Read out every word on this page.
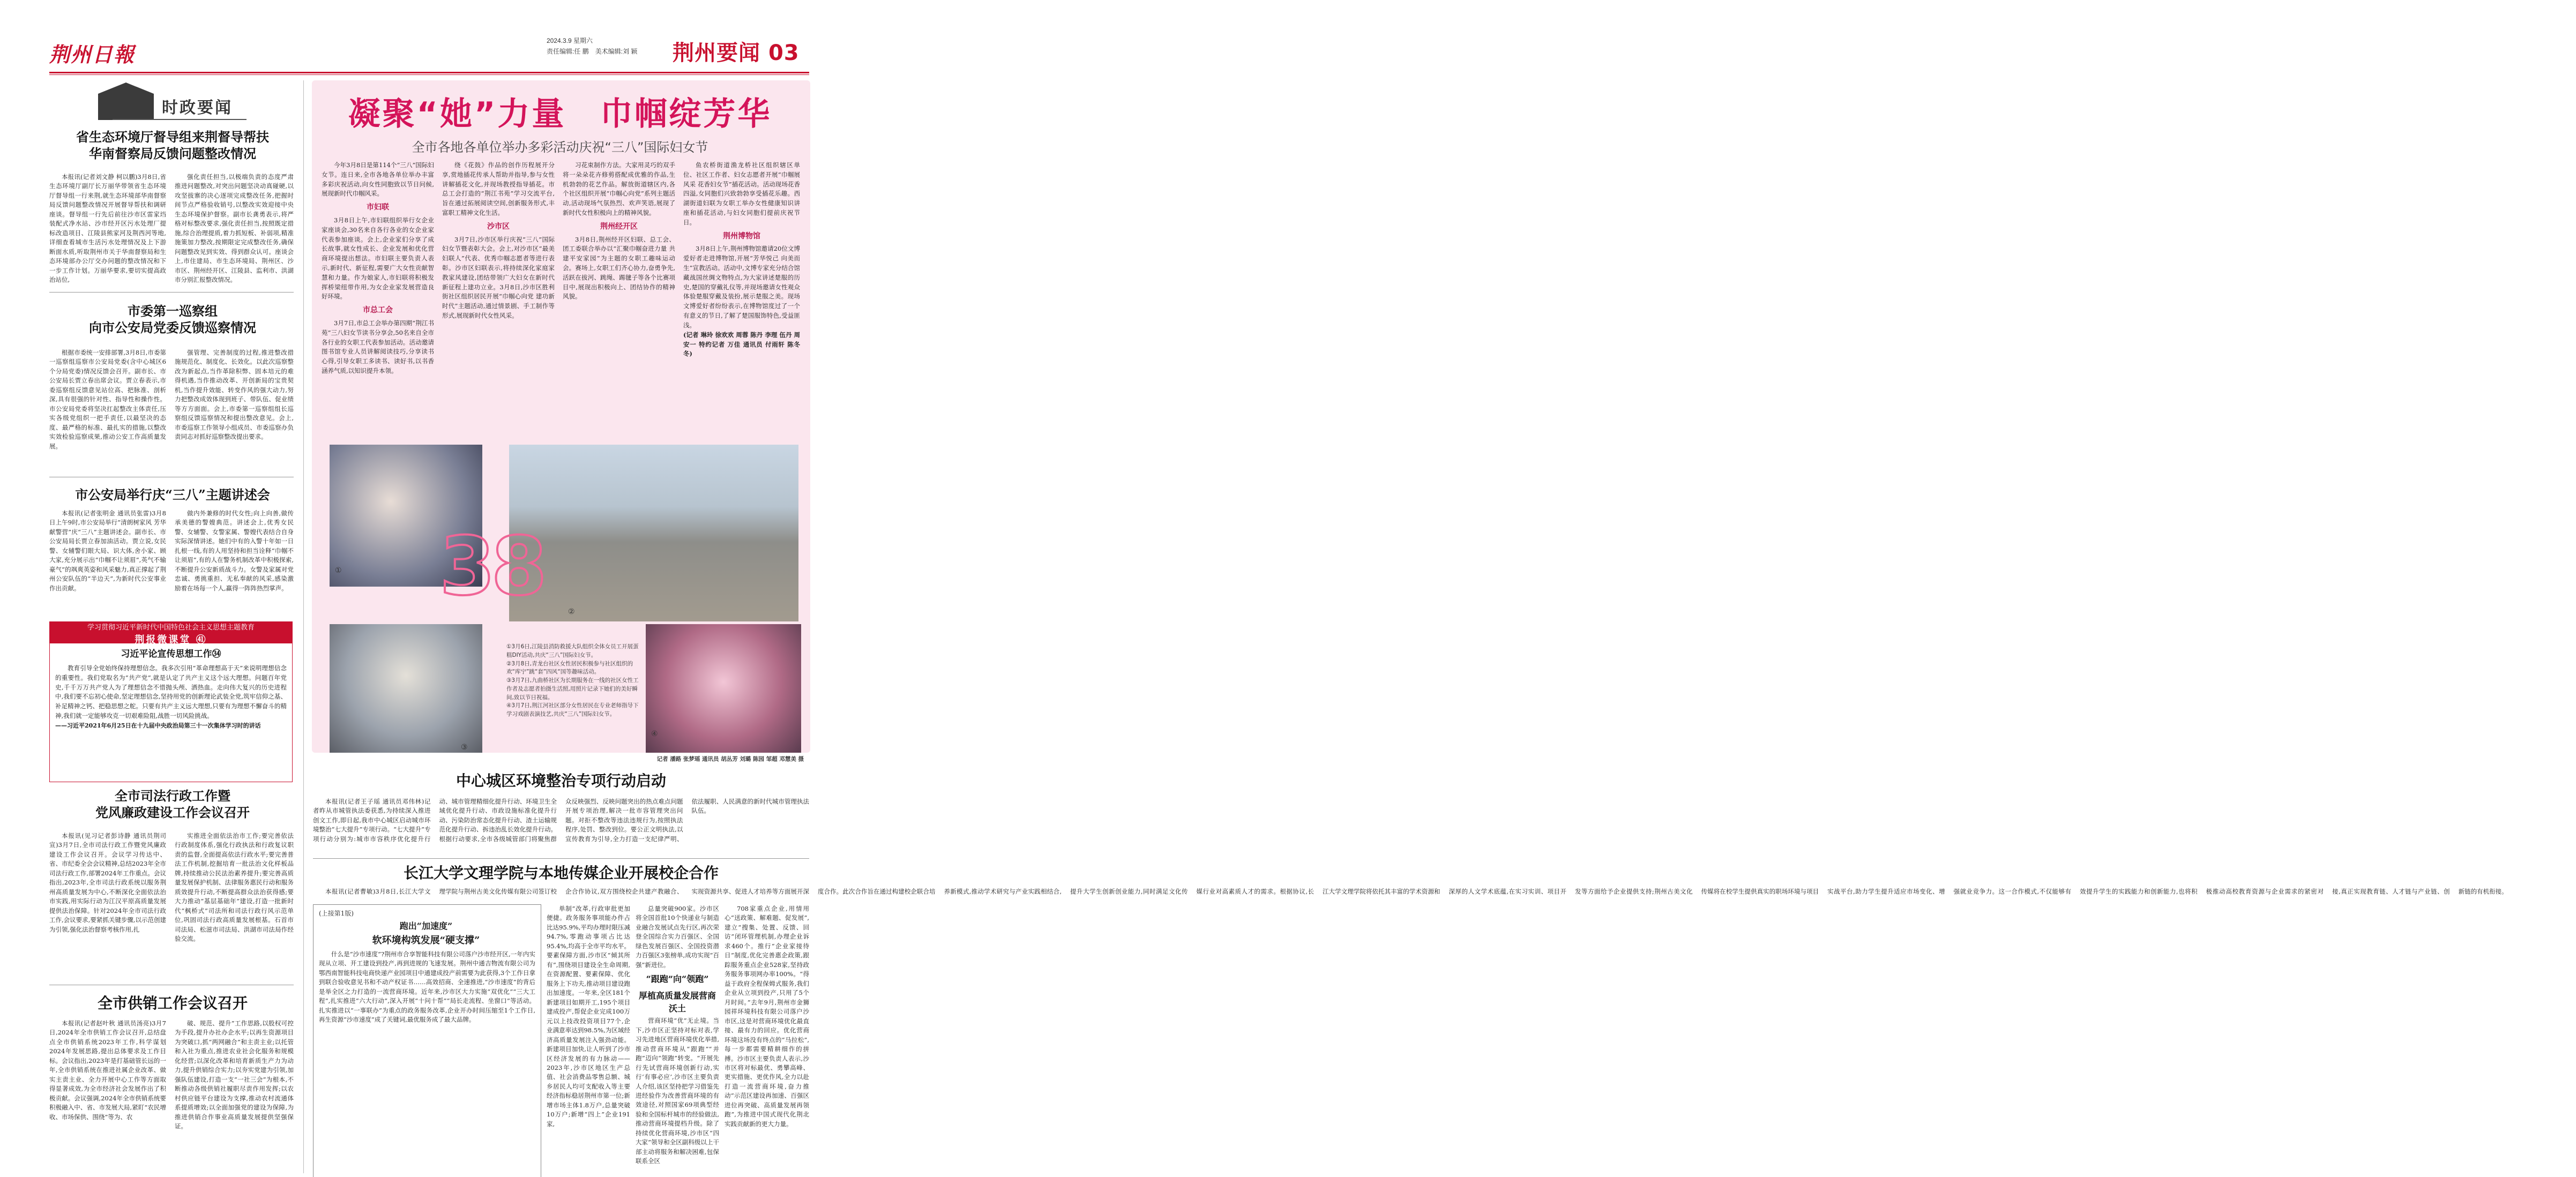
荆州日報
2024.3.9 星期六
责任编辑:任 鹏　美术编辑:刘 颖 荆州要闻 03
时政要闻
省生态环境厅督导组来荆督导帮扶
华南督察局反馈问题整改情况

本报讯(记者刘文静 柯以鹏)3月8日,省生态环境厅副厅长万丽华带领省生态环境厅督导组一行来荆,就生态环境部华南督察局反馈问题整改情况开展督导帮扶和调研座谈。督导组一行先后前往沙市区雷家垱装配式净水站、沙市经开区污水处理厂提标改造项目、江陵县熊家河及荆西河等地,详细查看城市生活污水处理情况及上下游断面水质,听取荆州市关于华南督察局和生态环境部办公厅交办问题的整改情况和下一步工作计划。万丽华要求,要切实提高政治站位,

强化责任担当,以极端负责的态度严肃推进问题整改,对突出问题坚决动真碰硬,以攻坚拔寨的决心逐项完成整改任务,把握时间节点严格验收销号,以整改实效迎接中央生态环境保护督察。副市长龚勇表示,将严格对标整改要求,强化责任担当,按照既定措施,综合治理提质,着力抓短板、补弱项,精准施策加力整改,按期限定完成整改任务,确保问题整改见到实效、得到群众认可。座谈会上,市住建局、市生态环境局、荆州区、沙市区、荆州经开区、江陵县、监利市、洪湖市分别汇报整改情况。

市委第一巡察组
向市公安局党委反馈巡察情况

根据市委统一安排部署,3月8日,市委第一巡察组巡察市公安局党委(含中心城区6个分局党委)情况反馈会召开。副市长、市公安局长贾立春出席会议。贾立春表示,市委巡察组反馈意见站位高、把脉准、剖析深,具有很强的针对性、指导性和操作性。市公安局党委将坚决扛起整改主体责任,压实各级党组织一把手责任,以最坚决的态度、最严格的标准、最扎实的措施,以整改实效检验巡察成果,推动公安工作高质量发展。

强管理、完善制度的过程,推进整改措施规范化、制度化、长效化。以此次巡察整改为新起点,当作革除积弊、固本培元的难得机遇,当作推动改革、开创新局的宝贵契机,当作提升效能、转变作风的强大动力,努力把整改成效体现到班子、带队伍、促业绩等方方面面。会上,市委第一巡察组组长巡察组反馈巡察情况和提出整改意见。会上,市委巡察工作领导小组成员、市委巡察办负责同志对抓好巡察整改提出要求。

市公安局举行庆“三八”主题讲述会

本报讯(记者张明金 通讯员张雷)3月8日上午9时,市公安局举行“清朗树家风 芳华献警营”庆“三八”主题讲述会。副市长、市公安局局长贾立春加油活动。贾立说,女民警、女辅警们眼大局、识大体,舍小家、顾大家,充分展示出“巾帼不让须眉”,英气不输豪气”的飒爽英姿和风采魅力,真正撑起了荆州公安队伍的“半边天”,为新时代公安事业作出贡献。

做内外兼修的时代女性;向上向善,做传承美德的警嫂典范。讲述会上,优秀女民警、女辅警、女警家属、警嫂代表结合自身实际深情讲述。她们中有的入警十年如一日扎根一线,有的人用坚持和担当诠释“巾帼不让须眉”,有的人在警务机制改革中积极探索,不断提升公安新质战斗力。女警及家属对党忠诚、勇挑重担、无私奉献的风采,感染激励着在场每一个人,赢得一阵阵热烈掌声。

学习贯彻习近平新时代中国特色社会主义思想主题教育
荆报微课堂 ㊶
习近平论宣传思想工作㉞

教育引导全党始终保持理想信念。我多次引用“革命理想高于天”来说明理想信念的重要性。我们党取名为“共产党”,就是认定了共产主义这个远大理想。问题百年党史,千千万万共产党人为了理想信念不惜抛头颅、洒热血。走向伟大复兴的历史进程中,我们要不忘初心使命,坚定理想信念,坚持用党的创新理论武装全党,筑牢信仰之基、补足精神之钙、把稳思想之舵。只要有共产主义远大理想,只要有为理想不懈奋斗的精神,我们就一定能够攻克一切艰难险阻,战胜一切风险挑战。

——习近平2021年6月25日在十九届中央政治局第三十一次集体学习时的讲话

凝聚“她”力量　巾帼绽芳华
全市各地各单位举办多彩活动庆祝“三八”国际妇女节

今年3月8日是第114个“三八”国际妇女节。连日来,全市各地各单位举办丰富多彩庆祝活动,向女性同胞致以节日问候,展现新时代巾帼风采。

市妇联

3月8日上午,市妇联组织举行女企业家座谈会,30名来自各行各业的女企业家代表参加座谈。会上,企业家们分享了成长故事,就女性成长、企业发展和优化营商环境提出想法。市妇联主要负责人表示,新时代、新征程,需要广大女性贡献智慧和力量。作为娘家人,市妇联将积极发挥桥梁纽带作用,为女企业家发展营造良好环境。

市总工会

3月7日,市总工会举办第四期“荆江书苑”三八妇女节读书分享会,50名来自全市各行业的女职工代表参加活动。活动邀请图书馆专业人员讲解阅读技巧,分享读书心得,引导女职工多读书、读好书,以书香涵养气质,以知识提升本领。

绕《花鼓》作品的创作历程展开分享,赏地插花传承人帮助并指导,参与女性讲解插花文化,并现场教授指导插花。市总工会打造的“荆江书苑”学习交流平台,旨在通过拓展阅读空间,创新服务形式,丰富职工精神文化生活。

沙市区

3月7日,沙市区举行庆祝“三八”国际妇女节暨表彰大会。会上,对沙市区“最美妇联人”代表、优秀巾帼志愿者等进行表彰。沙市区妇联表示,将持续深化家庭家教家风建设,团结带领广大妇女在新时代新征程上建功立业。3月8日,沙市区胜利街社区组织居民开展“巾帼心向党 建功新时代”主题活动,通过情景剧、手工制作等形式,展现新时代女性风采。

习花束制作方法。大家用灵巧的双手将一朵朵花卉修剪搭配成优雅的作品,生机勃勃的花艺作品。解放街道辖区内,各个社区组织开展“巾帼心向党”系列主题活动,活动现场气氛热烈、欢声笑语,展现了新时代女性积极向上的精神风貌。

荆州经开区

3月8日,荆州经开区妇联、总工会、团工委联合举办以“汇聚巾帼奋进力量 共建平安家园”为主题的女职工趣味运动会。赛场上,女职工们齐心协力,奋勇争先,活跃在拔河、跳绳、踢毽子等各个比赛项目中,展现出积极向上、团结协作的精神风貌。

鱼农桥街道渔龙桥社区组织辖区单位、社区工作者、妇女志愿者开展“巾帼展风采 花香妇女节”插花活动。活动现场花香四溢,女同胞们兴致勃勃享受插花乐趣。西湖街道妇联为女职工举办女性健康知识讲座和插花活动,与妇女同胞们提前庆祝节日。

荆州博物馆

3月8日上午,荆州博物馆邀请20位文博爱好者走进博物馆,开展“芳华悦己 向美而生”宣教活动。活动中,文博专家充分结合馆藏战国丝绸文物特点,为大家讲述楚服的历史,楚国的穿戴礼仪等,并现场邀请女性观众体验楚服穿戴及装扮,展示楚服之美。现场文博爱好者纷纷表示,在博物馆度过了一个有意义的节日,了解了楚国服饰特色,受益匪浅。

(记者 琳玲 徐欢欢 周蓉 陈丹 李理 伍丹 周安一 特约记者 万佳 通讯员 付雨轩 陈冬冬)

①
②
38
③
④

①3月6日,江陵县消防救援大队组织全体女员工开展蛋糕DIY活动,共庆“三八”国际妇女节。

②3月8日,青龙台社区女性居民积极参与社区组织的欢“库宁”跳“套”四风“国等趣味活动。

③3月7日,九曲桥社区为长期服务在一线的社区女性工作者及志愿者拍摄生活照,用照片记录下她们的美好瞬间,致以节日祝福。

④3月7日,荆江河社区部分女性居民在专业老师指导下学习戏剧表演技艺,共庆“三八”国际妇女节。

记者 潘路 张梦瑶 通讯员 胡丛芳 刘璐 陈园 邹超 邓慧美 摄
中心城区环境整治专项行动启动

本报讯(记者王子瑶 通讯员邓伟林)记者昨从市城管执法委获悉,为持续深入推进创文工作,即日起,我市中心城区启动城市环境整治“七大提升”专项行动。“七大提升”专项行动分别为:城市市容秩序优化提升行动、城市管理精细化提升行动、环境卫生全域优化提升行动、市政设施标准化提升行动、污染防治常态化提升行动、渣土运输规范化提升行动、拆违治乱长效化提升行动。根据行动要求,全市各级城管部门将聚焦群众反映强烈、反映问题突出的热点难点问题开展专项治理,解决一批市容管理突出问题。对拒不整改等违法违规行为,按照执法程序,处罚、整改到位。要公正文明执法,以宣传教育为引导,全力打造一支纪律严明、依法履职、人民满意的新时代城市管理执法队伍。

长江大学文理学院与本地传媒企业开展校企合作
全市司法行政工作暨
党风廉政建设工作会议召开

本报讯(见习记者彭诗静 通讯员荆司宣)3月7日,全市司法行政工作暨党风廉政建设工作会议召开。会议学习传达中、省、市纪委全会会议精神,总结2023年全市司法行政工作,部署2024年工作重点。会议指出,2023年,全市司法行政系统以服务荆州高质量发展为中心,不断深化全面依法治市实践,用实际行动为江汉平原高质量发展提供法治保障。针对2024年全市司法行政工作,会议要求,要紧抓关键步骤,以示范创建为引领,强化法治督察考核作用,扎

实推进全面依法治市工作;要完善依法行政制度体系,强化行政执法和行政复议职责的监督,全面提高依法行政水平;要完善普法工作机制,挖掘培育一批法治文化样板品牌,持续推动公民法治素养提升;要完善高质量发展保护机制、法律服务惠民行动和服务质效提升行动,不断提高群众法治获得感;要大力推动“基层基础年”建设,打造一批新时代“枫桥式”司法所和司法行政行风示范单位,巩固司法行政高质量发展根基。石首市司法局、松滋市司法局、洪湖市司法局作经验交流。

全市供销工作会议召开

本报讯(记者赵叶秋 通讯员汤亮)3月7日,2024年全市供销工作会议召开,总结盘点全市供销系统2023年工作,科学谋划2024年发展思路,提出总体要求及工作目标。会议指出,2023年是打基础管长远的一年,全市供销系统在推进社属企业改革、做实主责主业、全力开展中心工作等方面取得显著成效,为全市经济社会发展作出了积极贡献。会议强调,2024年全市供销系统要积极融入中、省、市发展大局,紧盯“农民增收、市场保供、围绕”等为、农

破、规范、提升”工作思路,以股权可控为手段,提升办社办企水平;以再生资源项目为突破口,抓“两网融合”和主责主业;以托管和入社为重点,推进农业社会化服务和规模化经营;以深化改革和培育新质生产力为动力,提升供销综合实力;以夯实党建为引领,加强队伍建设,打造一支“一社三会”为根本,不断推动各级供销社履职尽责作用发挥;以农村供应链平台建设为支撑,推动农村流通体系提质增效;以全面加强党的建设为保障,为推进供销合作事业高质量发展提供坚强保证。

(上接第1版)
跑出“加速度”
软环境构筑发展“硬支撑”

什么是“沙市速度”?荆州市合享智能科技有限公司落户沙市经开区,一年内实现从立项、开工建设到投产,再到进规的飞速发展。荆州中通吉物流有限公司为鄂西南智能科技电商快递产业园项目中通建成投产前需要为此获得,3个工作日拿到联合验收意见书和不动产权证书……高效招商、全速推进,“沙市速度”的背后是举全区之力打造的一流营商环境。近年来,沙市区大力实施“双优化”“三大工程”,扎实推进“六大行动”,深入开展“十问十帮”“局长走流程、坐窗口”等活动。扎实推进以“一事联办”为重点的政务服务改革,企业开办时间压缩至1个工作日,再生资源“沙市速度”成了关键词,最优服务成了最大品牌。

单制”改革,行政审批更加便捷。政务服务事项能办件占比达95.9%,平均办理时限压减94.7%,零跑动事项占比达95.4%,均高于全市平均水平。要素保障方面,沙市区“倾其所有”,围绕项目建设全生命周期,在资源配置、要素保障、优化服务上下功夫,推动项目建设跑出加速度。一年来,全区181个新建项目如期开工,195个项目建成投产,帮促企业完成100万元以上技改投资项目77个,企业满意率达到98.5%,为区域经济高质量发展注入强劲动能。新建项目加快,让人听到了沙市区经济发展的有力脉动——2023年,沙市区地区生产总值、社会消费品零售总额、城乡居民人均可支配收入等主要经济指标稳居荆州市第一位;新增市场主体1.8万户,总量突破10万户;新增“四上”企业191家,

总量突破900家。沙市区将全国首批10个快递业与制造业融合发展试点先行区,再次荣登全国综合实力百强区、全国绿色发展百强区、全国投资潜力百强区3张榜单,成功实现“百强”新进位。

“跟跑”向“领跑”
厚植高质量发展营商沃土

营商环境“优”无止境。当下,沙市区正坚持对标对表,学习先进地区营商环境优化举措,推动营商环境从“跟跑”“并跑”迈向“领跑”转变。“开展先行先试营商环境创新行动,实行‘有事必应’,沙市区主要负责人介绍,该区坚持把学习借鉴先进经验作为改善营商环境的有效途径,对照国家69项典型经验和全国标杆城市的经验做法,推动营商环境提档升级。除了持续优化营商环境,沙市区“四大家”领导和全区副科级以上干部主动将服务和解决困难,包保联系全区

708家重点企业,用情用心“送政策、解难题、促发展”,建立“搜集、处置、反馈、回访”闭环管理机制,办理企业诉求460个。推行“企业家接待日”制度,优化完善惠企政策,跟踪服务重点企业528家,坚持政务服务事项网办率100%。“得益于政府全程保姆式服务,我们企业从立项到投产,只用了5个月时间。”去年9月,荆州市金狮园祥环境科技有限公司落户沙市区,这是对营商环境优化最直接、最有力的回应。优化营商环境这场没有终点的“马拉松”,每一步都需要精耕细作的拼搏。沙市区主要负责人表示,沙市区将对标最优、勇攀高峰、更实措施、更优作风,全力以赴打造一流营商环境,奋力推动“示范区建设再加速、百强区进位再突破、高质量发展再领跑”,为推进中国式现代化荆北实践贡献新的更大力量。

本报讯(记者曹敏)3月8日,长江大学文理学院与荆州古美文化传媒有限公司签订校企合作协议,双方围绕校企共建产教融合、实现资源共享、促进人才培养等方面展开深度合作。此次合作旨在通过构建校企联合培养新模式,推动学术研究与产业实践相结合,提升大学生创新创业能力,同时满足文化传媒行业对高素质人才的需求。根据协议,长江大学文理学院将依托其丰富的学术资源和深厚的人文学术底蕴,在实习实训、项目开发等方面给予企业提供支持;荆州古美文化传媒将在校学生提供真实的职场环境与项目实战平台,助力学生提升适应市场变化、增强就业竞争力。这一合作模式,不仅能够有效提升学生的实践能力和创新能力,也将积极推动高校教育资源与企业需求的紧密对接,真正实现教育链、人才链与产业链、创新链的有机衔接。
